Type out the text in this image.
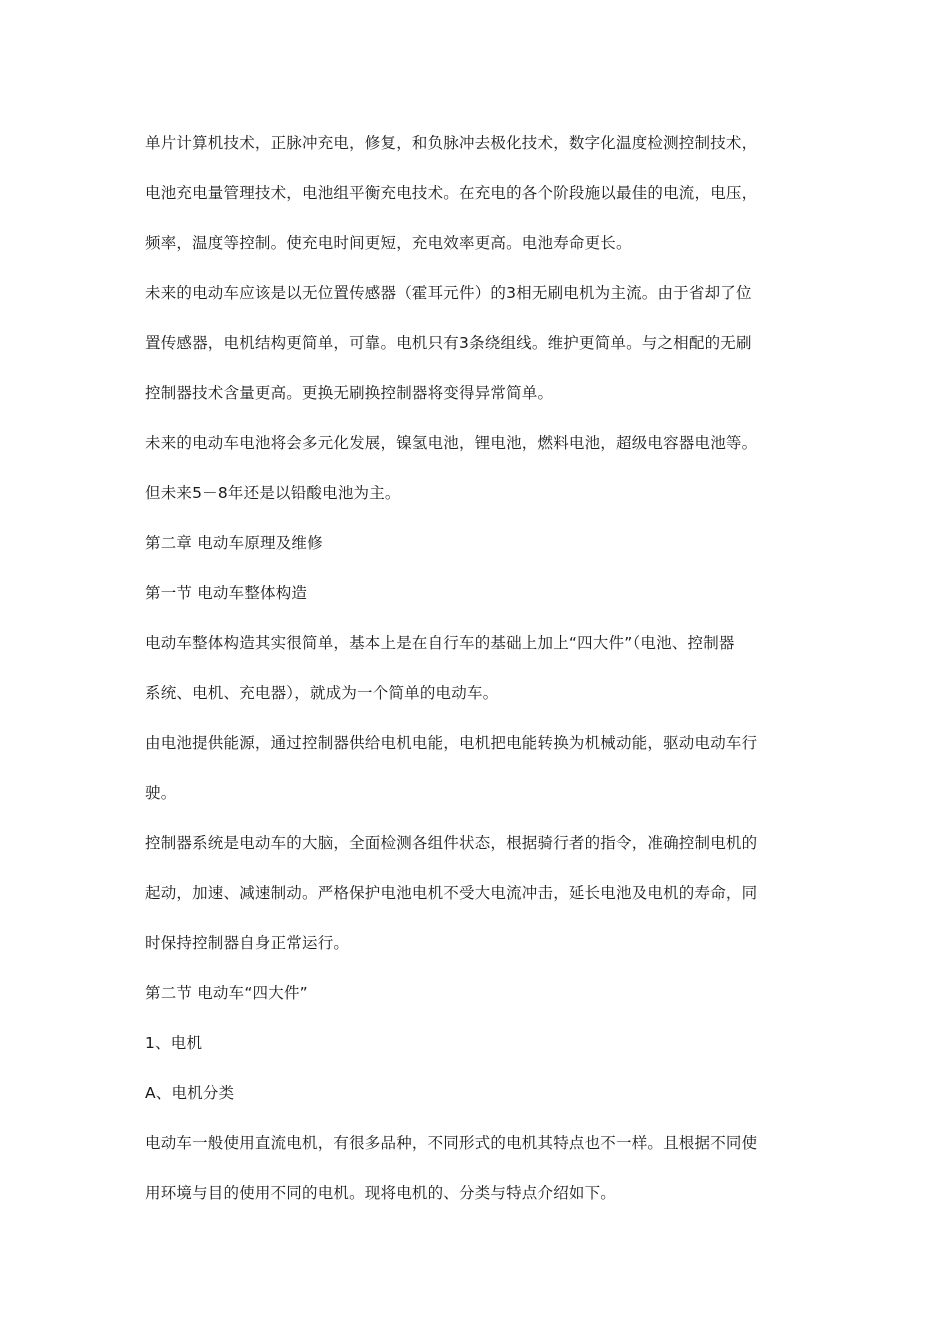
单片计算机技术，正脉冲充电，修复，和负脉冲去极化技术，数字化温度检测控制技术，
电池充电量管理技术，电池组平衡充电技术。在充电的各个阶段施以最佳的电流，电压，
频率，温度等控制。使充电时间更短，充电效率更高。电池寿命更长。
未来的电动车应该是以无位置传感器（霍耳元件）的3相无刷电机为主流。由于省却了位
置传感器，电机结构更简单，可靠。电机只有3条绕组线。维护更简单。与之相配的无刷
控制器技术含量更高。更换无刷换控制器将变得异常简单。
未来的电动车电池将会多元化发展，镍氢电池，锂电池，燃料电池，超级电容器电池等。
但未来5－8年还是以铅酸电池为主。
第二章 电动车原理及维修
第一节 电动车整体构造
电动车整体构造其实很简单，基本上是在自行车的基础上加上“四大件”（电池、控制器
系统、电机、充电器），就成为一个简单的电动车。
由电池提供能源，通过控制器供给电机电能，电机把电能转换为机械动能，驱动电动车行
驶。
控制器系统是电动车的大脑，全面检测各组件状态，根据骑行者的指令，准确控制电机的
起动，加速、减速制动。严格保护电池电机不受大电流冲击，延长电池及电机的寿命，同
时保持控制器自身正常运行。
第二节 电动车“四大件”
1、电机
A、电机分类
电动车一般使用直流电机，有很多品种，不同形式的电机其特点也不一样。且根据不同使
用环境与目的使用不同的电机。现将电机的、分类与特点介绍如下。
